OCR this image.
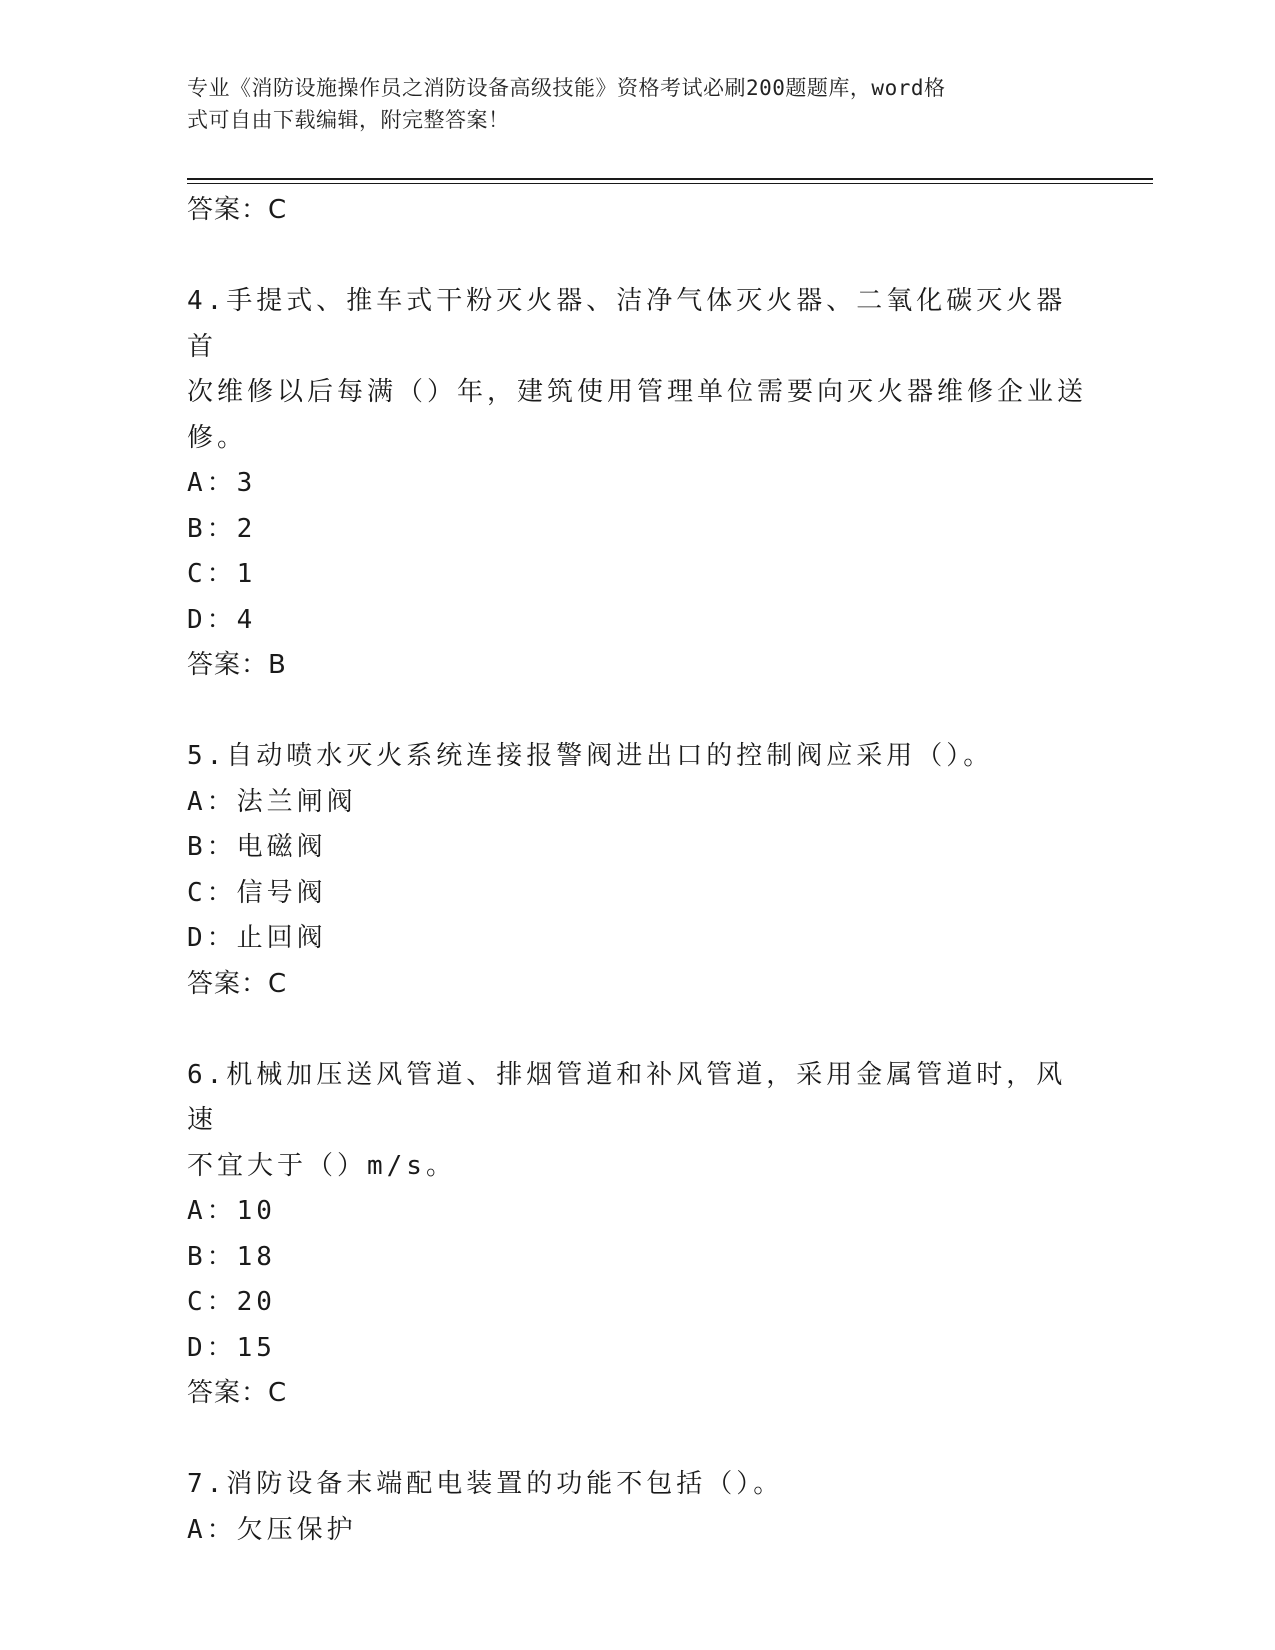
专业《消防设施操作员之消防设备高级技能》资格考试必刷200题题库，word格
式可自由下载编辑，附完整答案！
答案：C
4.手提式、推车式干粉灭火器、洁净气体灭火器、二氧化碳灭火器首
次维修以后每满（）年，建筑使用管理单位需要向灭火器维修企业送
修。
A：3
B：2
C：1
D：4
答案：B
5.自动喷水灭火系统连接报警阀进出口的控制阀应采用（）。
A：法兰闸阀
B：电磁阀
C：信号阀
D：止回阀
答案：C
6.机械加压送风管道、排烟管道和补风管道，采用金属管道时，风速
不宜大于（）m/s。
A：10
B：18
C：20
D：15
答案：C
7.消防设备末端配电装置的功能不包括（）。
A：欠压保护
